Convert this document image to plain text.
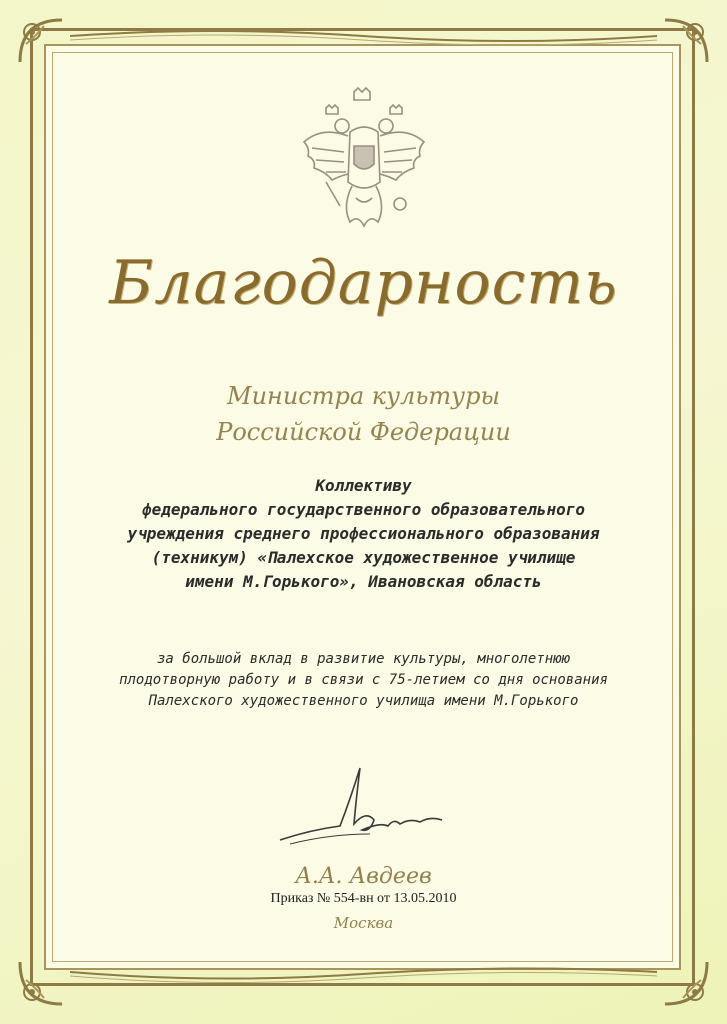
Благодарность
Министра культуры
Российской Федерации
Коллективу
федерального государственного образовательного
учреждения среднего профессионального образования
(техникум) «Палехское художественное училище
имени М.Горького», Ивановская область
за большой вклад в развитие культуры, многолетнюю
плодотворную работу и в связи с 75-летием со дня основания
Палехского художественного училища имени М.Горького
А.А. Авдеев
Приказ № 554-вн от 13.05.2010
Москва
